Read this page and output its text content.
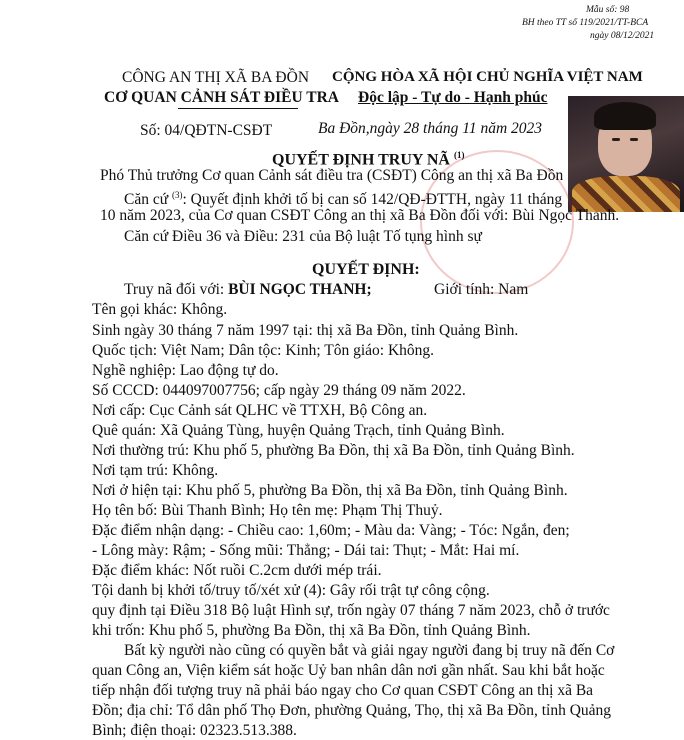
Mẫu số: 98
BH theo TT số 119/2021/TT-BCA
ngày 08/12/2021
CÔNG AN THỊ XÃ BA ĐỒN
CƠ QUAN CẢNH SÁT ĐIỀU TRA
CỘNG HÒA XÃ HỘI CHỦ NGHĨA VIỆT NAM
Độc lập - Tự do - Hạnh phúc
Số: 04/QĐTN-CSĐT	Ba Đồn,ngày 28 tháng 11 năm 2023
QUYẾT ĐỊNH TRUY NÃ $^{(1)}$
Phó Thủ trưởng Cơ quan Cảnh sát điều tra (CSĐT) Công an thị xã Ba Đồn
Căn cứ $^{(3)}$: Quyết định khởi tố bị can số 142/QĐ-ĐTTH, ngày 11 tháng
10 năm 2023, của Cơ quan CSĐT Công an thị xã Ba Đồn đối với: Bùi Ngọc Thanh.
Căn cứ Điều 36 và Điều: 231 của Bộ luật Tố tụng hình sự
QUYẾT ĐỊNH:
Truy nã đối với: BÙI NGỌC THANH;	Giới tính: Nam
Tên gọi khác: Không.
Sinh ngày 30 tháng 7 năm 1997 tại: thị xã Ba Đồn, tỉnh Quảng Bình.
Quốc tịch: Việt Nam; Dân tộc: Kinh; Tôn giáo: Không.
Nghề nghiệp: Lao động tự do.
Số CCCD: 044097007756; cấp ngày 29 tháng 09 năm 2022.
Nơi cấp: Cục Cảnh sát QLHC về TTXH, Bộ Công an.
Quê quán: Xã Quảng Tùng, huyện Quảng Trạch, tỉnh Quảng Bình.
Nơi thường trú: Khu phố 5, phường Ba Đồn, thị xã Ba Đồn, tỉnh Quảng Bình.
Nơi tạm trú: Không.
Nơi ở hiện tại: Khu phố 5, phường Ba Đồn, thị xã Ba Đồn, tỉnh Quảng Bình.
Họ tên bố: Bùi Thanh Bình; Họ tên mẹ: Phạm Thị Thuỷ.
Đặc điểm nhận dạng: - Chiều cao: 1,60m; - Màu da: Vàng; - Tóc: Ngắn, đen;
- Lông mày: Rậm; - Sống mũi: Thẳng; - Dái tai: Thụt; - Mắt: Hai mí.
Đặc điểm khác: Nốt ruồi C.2cm dưới mép trái.
Tội danh bị khởi tố/truy tố/xét xử (4): Gây rối trật tự công cộng.
quy định tại Điều 318 Bộ luật Hình sự, trốn ngày 07 tháng 7 năm 2023, chỗ ở trước
khi trốn: Khu phố 5, phường Ba Đồn, thị xã Ba Đồn, tỉnh Quảng Bình.
Bất kỳ người nào cũng có quyền bắt và giải ngay người đang bị truy nã đến Cơ
quan Công an, Viện kiểm sát hoặc Uỷ ban nhân dân nơi gần nhất. Sau khi bắt hoặc
tiếp nhận đối tượng truy nã phải báo ngay cho Cơ quan CSĐT Công an thị xã Ba
Đồn; địa chỉ: Tổ dân phố Thọ Đơn, phường Quảng, Thọ, thị xã Ba Đồn, tỉnh Quảng
Bình; điện thoại: 02323.513.388.
